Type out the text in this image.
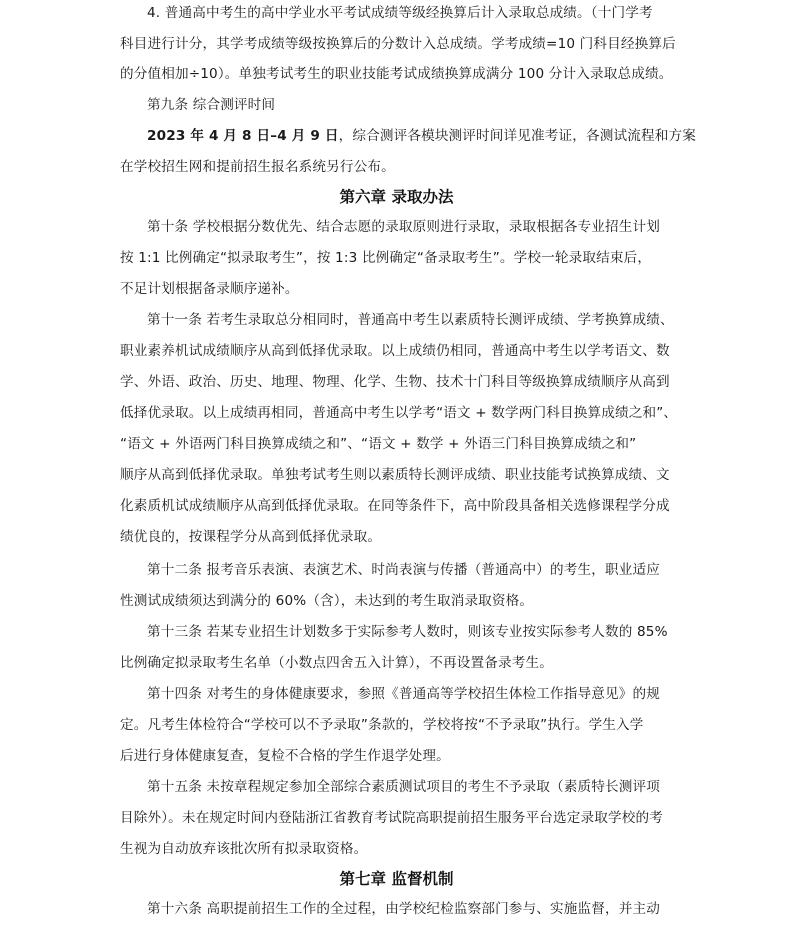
4. 普通高中考生的高中学业水平考试成绩等级经换算后计入录取总成绩。（十门学考
科目进行计分，其学考成绩等级按换算后的分数计入总成绩。学考成绩=10 门科目经换算后
的分值相加÷10）。单独考试考生的职业技能考试成绩换算成满分 100 分计入录取总成绩。
第九条 综合测评时间
2023 年 4 月 8 日–4 月 9 日，综合测评各模块测评时间详见准考证，各测试流程和方案
在学校招生网和提前招生报名系统另行公布。
第六章 录取办法
第十条 学校根据分数优先、结合志愿的录取原则进行录取，录取根据各专业招生计划
按 1:1 比例确定“拟录取考生”，按 1:3 比例确定“备录取考生”。学校一轮录取结束后，
不足计划根据备录顺序递补。
第十一条 若考生录取总分相同时，普通高中考生以素质特长测评成绩、学考换算成绩、
职业素养机试成绩顺序从高到低择优录取。以上成绩仍相同，普通高中考生以学考语文、数
学、外语、政治、历史、地理、物理、化学、生物、技术十门科目等级换算成绩顺序从高到
低择优录取。以上成绩再相同，普通高中考生以学考“语文 + 数学两门科目换算成绩之和”、
“语文 + 外语两门科目换算成绩之和”、“语文 + 数学 + 外语三门科目换算成绩之和”
顺序从高到低择优录取。单独考试考生则以素质特长测评成绩、职业技能考试换算成绩、文
化素质机试成绩顺序从高到低择优录取。在同等条件下，高中阶段具备相关选修课程学分成
绩优良的，按课程学分从高到低择优录取。
第十二条 报考音乐表演、表演艺术、时尚表演与传播（普通高中）的考生，职业适应
性测试成绩须达到满分的 60%（含），未达到的考生取消录取资格。
第十三条 若某专业招生计划数多于实际参考人数时，则该专业按实际参考人数的 85%
比例确定拟录取考生名单（小数点四舍五入计算），不再设置备录考生。
第十四条 对考生的身体健康要求，参照《普通高等学校招生体检工作指导意见》的规
定。凡考生体检符合“学校可以不予录取”条款的，学校将按“不予录取”执行。学生入学
后进行身体健康复查，复检不合格的学生作退学处理。
第十五条 未按章程规定参加全部综合素质测试项目的考生不予录取（素质特长测评项
目除外）。未在规定时间内登陆浙江省教育考试院高职提前招生服务平台选定录取学校的考
生视为自动放弃该批次所有拟录取资格。
第七章 监督机制
第十六条 高职提前招生工作的全过程，由学校纪检监察部门参与、实施监督，并主动
